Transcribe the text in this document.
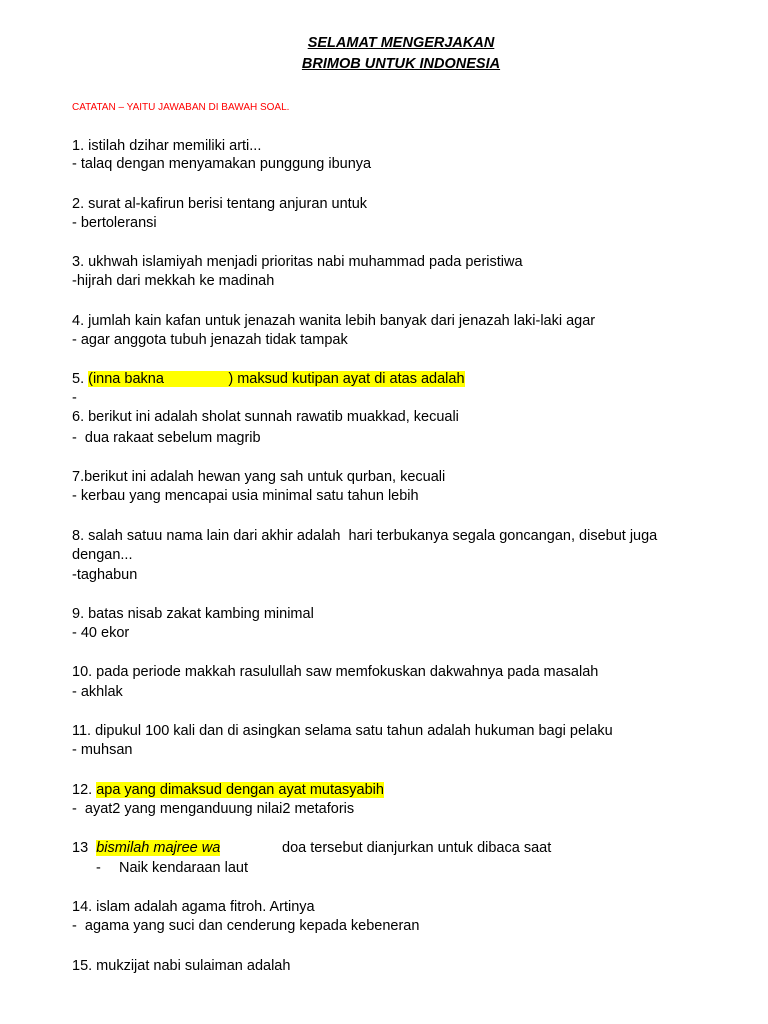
SELAMAT MENGERJAKAN
BRIMOB UNTUK INDONESIA
CATATAN – YAITU JAWABAN DI BAWAH SOAL.
1. istilah dzihar memiliki arti...
- talaq dengan menyamakan punggung ibunya
2. surat al-kafirun berisi tentang anjuran untuk
- bertoleransi
3. ukhwah islamiyah menjadi prioritas nabi muhammad pada peristiwa
-hijrah dari mekkah ke madinah
4. jumlah kain kafan untuk jenazah wanita lebih banyak dari jenazah laki-laki agar
- agar anggota tubuh jenazah tidak tampak
5. (inna bakna                ) maksud kutipan ayat di atas adalah
-
6. berikut ini adalah sholat sunnah rawatib muakkad, kecuali
-  dua rakaat sebelum magrib
7.berikut ini adalah hewan yang sah untuk qurban, kecuali
- kerbau yang mencapai usia minimal satu tahun lebih
8. salah satuu nama lain dari akhir adalah  hari terbukanya segala goncangan, disebut juga
dengan...
-taghabun
9. batas nisab zakat kambing minimal
- 40 ekor
10. pada periode makkah rasulullah saw memfokuskan dakwahnya pada masalah
- akhlak
11. dipukul 100 kali dan di asingkan selama satu tahun adalah hukuman bagi pelaku
- muhsan
12. apa yang dimaksud dengan ayat mutasyabih
-  ayat2 yang menganduung nilai2 metaforis
13  bismilah majree wa	doa tersebut dianjurkan untuk dibaca saat
- Naik kendaraan laut
14. islam adalah agama fitroh. Artinya
-  agama yang suci dan cenderung kepada kebeneran
15. mukzijat nabi sulaiman adalah
